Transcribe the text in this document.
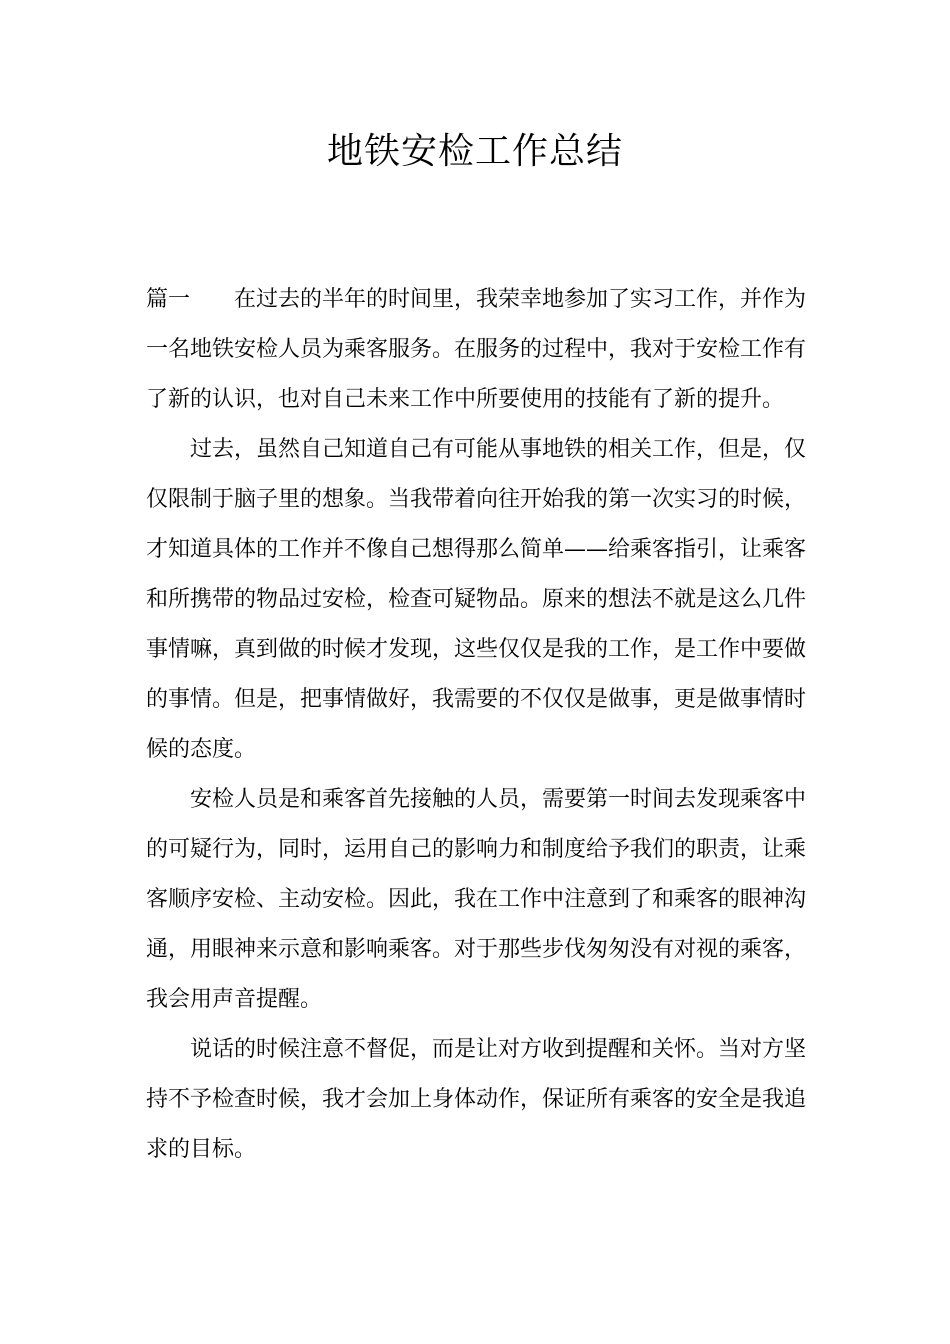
地铁安检工作总结

篇一 在过去的半年的时间里，我荣幸地参加了实习工作，并作为一名地铁安检人员为乘客服务。在服务的过程中，我对于安检工作有了新的认识，也对自己未来工作中所要使用的技能有了新的提升。

过去，虽然自己知道自己有可能从事地铁的相关工作，但是，仅仅限制于脑子里的想象。当我带着向往开始我的第一次实习的时候，才知道具体的工作并不像自己想得那么简单——给乘客指引，让乘客和所携带的物品过安检，检查可疑物品。原来的想法不就是这么几件事情嘛，真到做的时候才发现，这些仅仅是我的工作，是工作中要做的事情。但是，把事情做好，我需要的不仅仅是做事，更是做事情时候的态度。

安检人员是和乘客首先接触的人员，需要第一时间去发现乘客中的可疑行为，同时，运用自己的影响力和制度给予我们的职责，让乘客顺序安检、主动安检。因此，我在工作中注意到了和乘客的眼神沟通，用眼神来示意和影响乘客。对于那些步伐匆匆没有对视的乘客，我会用声音提醒。

说话的时候注意不督促，而是让对方收到提醒和关怀。当对方坚持不予检查时候，我才会加上身体动作，保证所有乘客的安全是我追求的目标。
